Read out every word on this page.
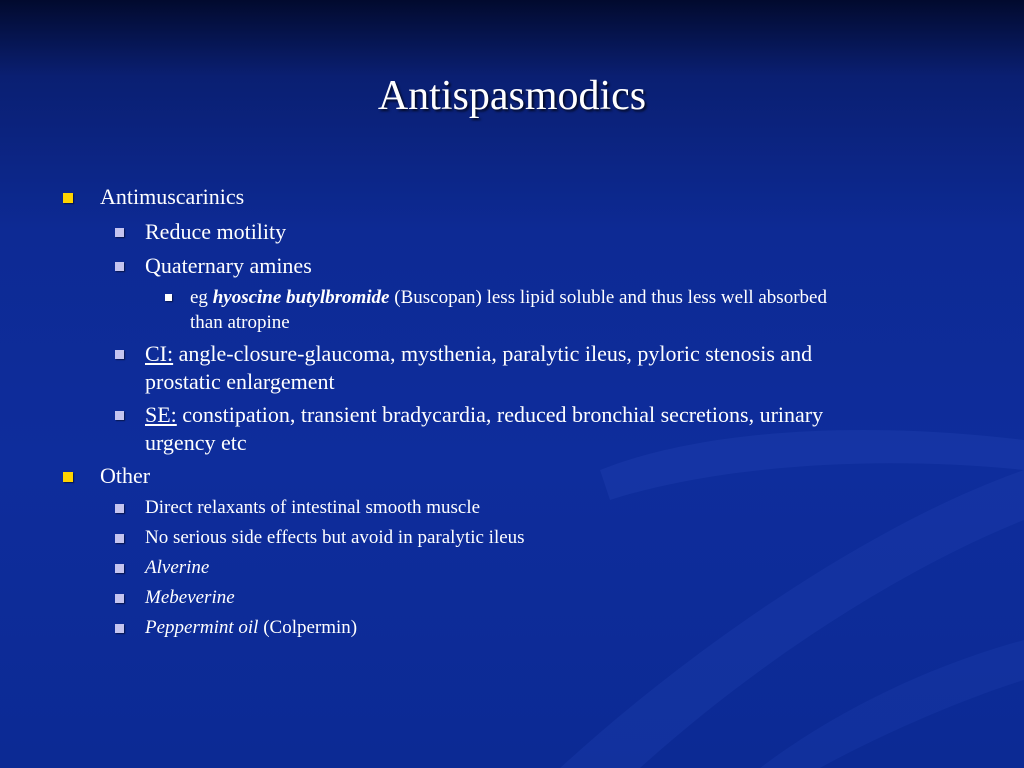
Antispasmodics
Antimuscarinics
Reduce motility
Quaternary amines
eg hyoscine butylbromide (Buscopan) less lipid soluble and thus less well absorbed
than atropine
CI: angle-closure-glaucoma, mysthenia, paralytic ileus, pyloric stenosis and
prostatic enlargement
SE: constipation, transient bradycardia, reduced bronchial secretions, urinary
urgency etc
Other
Direct relaxants of intestinal smooth muscle
No serious side effects but avoid in paralytic ileus
Alverine
Mebeverine
Peppermint oil (Colpermin)
